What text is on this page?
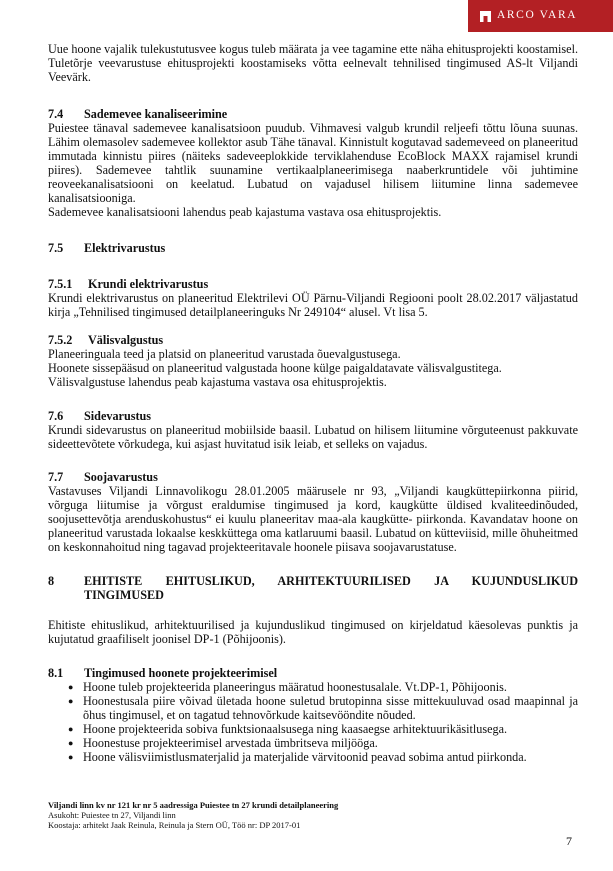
ARCO VARA

Uue hoone vajalik tulekustutusvee kogus tuleb määrata ja vee tagamine ette näha ehitusprojekti koostamisel.

Tuletõrje veevarustuse ehitusprojekti koostamiseks võtta eelnevalt tehnilised tingimused AS-lt Viljandi Veevärk.

7.4	Sademevee kanaliseerimine

Puiestee tänaval sademevee kanalisatsioon puudub. Vihmavesi valgub krundil reljeefi tõttu lõuna suunas. Lähim olemasolev sademevee kollektor asub Tähe tänaval. Kinnistult kogutavad sademeveed on planeeritud immutada kinnistu piires (näiteks sadeveeplokkide terviklahenduse EcoBlock MAXX rajamisel krundi piires). Sademevee tahtlik suunamine vertikaalplaneerimisega naaberkruntidele või juhtimine reoveekanalisatsiooni on keelatud. Lubatud on vajadusel hilisem liitumine linna sademevee kanalisatsiooniga.

Sademevee kanalisatsiooni lahendus peab kajastuma vastava osa ehitusprojektis.

7.5	Elektrivarustus
7.5.1	Krundi elektrivarustus

Krundi elektrivarustus on planeeritud Elektrilevi OÜ Pärnu-Viljandi Regiooni poolt 28.02.2017 väljastatud kirja „Tehnilised tingimused detailplaneeringuks Nr 249104“ alusel. Vt lisa 5.

7.5.2	Välisvalgustus

Planeeringuala teed ja platsid on planeeritud varustada õuevalgustusega.

Hoonete sissepääsud on planeeritud valgustada hoone külge paigaldatavate välisvalgustitega.

Välisvalgustuse lahendus peab kajastuma vastava osa ehitusprojektis.

7.6	Sidevarustus

Krundi sidevarustus on planeeritud mobiilside baasil. Lubatud on hilisem liitumine võrguteenust pakkuvate sideettevõtete võrkudega, kui asjast huvitatud isik leiab, et selleks on vajadus.

7.7	Soojavarustus

Vastavuses Viljandi Linnavolikogu 28.01.2005 määrusele nr 93, „Viljandi kaugküttepiirkonna piirid, võrguga liitumise ja võrgust eraldumise tingimused ja kord, kaugkütte üldised kvaliteedinõuded, soojusettevõtja arenduskohustus“ ei kuulu planeeritav maa-ala kaugkütte- piirkonda. Kavandatav hoone on planeeritud varustada lokaalse keskküttega oma katlaruumi baasil. Lubatud on kütteviisid, mille õhuheitmed on keskonnahoitud ning tagavad projekteeritavale hoonele piisava soojavarustatuse.

8	EHITISTE EHITUSLIKUD, ARHITEKTUURILISED JA KUJUNDUSLIKUD TINGIMUSED

Ehitiste ehituslikud, arhitektuurilised ja kujunduslikud tingimused on kirjeldatud käesolevas punktis ja kujutatud graafiliselt joonisel DP-1 (Põhijoonis).

8.1	Tingimused hoonete projekteerimisel
● Hoone tuleb projekteerida planeeringus määratud hoonestusalale. Vt.DP-1, Põhijoonis.
● Hoonestusala piire võivad ületada hoone suletud brutopinna sisse mittekuuluvad osad maapinnal ja õhus tingimusel, et on tagatud tehnovõrkude kaitsevööndite nõuded.
● Hoone projekteerida sobiva funktsionaalsusega ning kaasaegse arhitektuurikäsitlusega.
● Hoonestuse projekteerimisel arvestada ümbritseva miljööga.
● Hoone välisviimistlusmaterjalid ja materjalide värvitoonid peavad sobima antud piirkonda.
Viljandi linn kv nr 121 kr nr 5 aadressiga Puiestee tn 27 krundi detailplaneering
Asukoht: Puiestee tn 27, Viljandi linn
Koostaja: arhitekt Jaak Reinula, Reinula ja Stern OÜ, Töö nr: DP 2017-01
7
